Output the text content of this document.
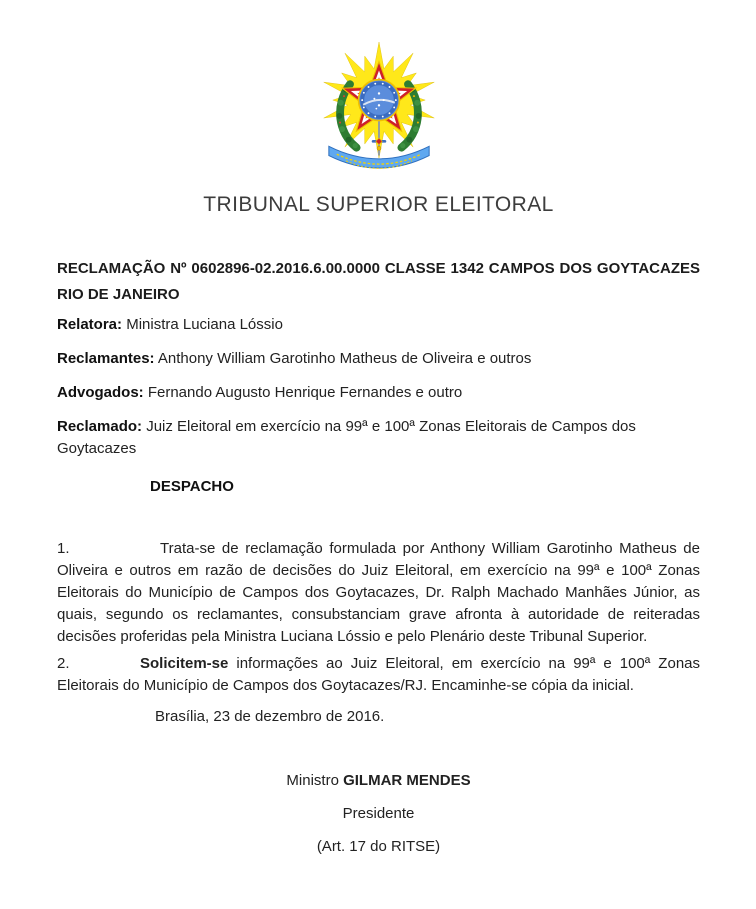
TRIBUNAL SUPERIOR ELEITORAL

RECLAMAÇÃO Nº 0602896-02.2016.6.00.0000 CLASSE 1342 CAMPOS DOS GOYTACAZES RIO DE JANEIRO

Relatora: Ministra Luciana Lóssio

Reclamantes: Anthony William Garotinho Matheus de Oliveira e outros

Advogados: Fernando Augusto Henrique Fernandes e outro

Reclamado: Juiz Eleitoral em exercício na 99ª e 100ª Zonas Eleitorais de Campos dos Goytacazes

DESPACHO

1.	Trata-se de reclamação formulada por Anthony William Garotinho Matheus de Oliveira e outros em razão de decisões do Juiz Eleitoral, em exercício na 99ª e 100ª Zonas Eleitorais do Município de Campos dos Goytacazes, Dr. Ralph Machado Manhães Júnior, as quais, segundo os reclamantes, consubstanciam grave afronta à autoridade de reiteradas decisões proferidas pela Ministra Luciana Lóssio e pelo Plenário deste Tribunal Superior.

2.	Solicitem-se informações ao Juiz Eleitoral, em exercício na 99ª e 100ª Zonas Eleitorais do Município de Campos dos Goytacazes/RJ. Encaminhe-se cópia da inicial.

Brasília, 23 de dezembro de 2016.

Ministro GILMAR MENDES

Presidente

(Art. 17 do RITSE)
